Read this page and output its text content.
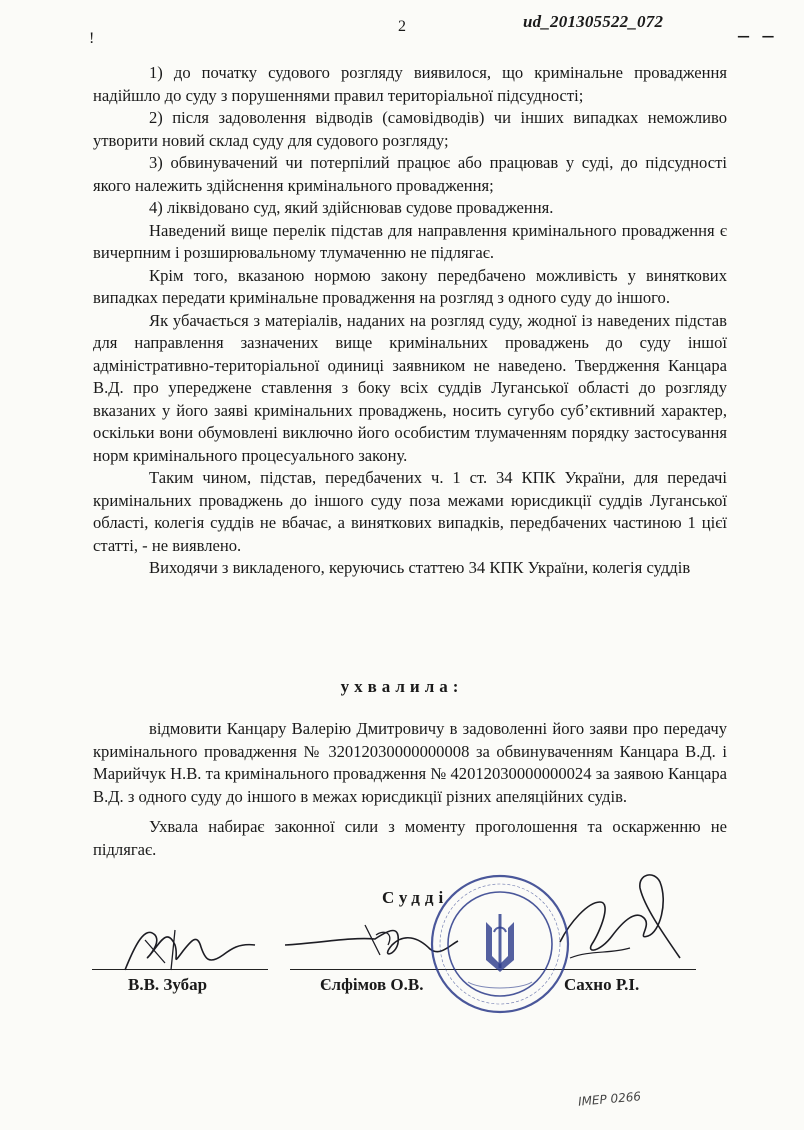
2	ud_201305522_072
– –
!

1) до початку судового розгляду виявилося, що кримінальне провадження надійшло до суду з порушеннями правил територіальної підсудності;

2) після задоволення відводів (самовідводів) чи інших випадках неможливо утворити новий склад суду для судового розгляду;

3) обвинувачений чи потерпілий працює або працював у суді, до підсудності якого належить здійснення кримінального провадження;

4) ліквідовано суд, який здійснював судове провадження.

Наведений вище перелік підстав для направлення кримінального провадження є вичерпним і розширювальному тлумаченню не підлягає.

Крім того, вказаною нормою закону передбачено можливість у виняткових випадках передати кримінальне провадження на розгляд з одного суду до іншого.

Як убачається з матеріалів, наданих на розгляд суду, жодної із наведених підстав для направлення зазначених вище кримінальних проваджень до суду іншої адміністративно-територіальної одиниці заявником не наведено. Твердження Канцара В.Д. про упереджене ставлення з боку всіх суддів Луганської області до розгляду вказаних у його заяві кримінальних проваджень, носить сугубо суб’єктивний характер, оскільки вони обумовлені виключно його особистим тлумаченням порядку застосування норм кримінального процесуального закону.

Таким чином, підстав, передбачених ч. 1 ст. 34 КПК України, для передачі кримінальних проваджень до іншого суду поза межами юрисдикції суддів Луганської області, колегія суддів не вбачає, а виняткових випадків, передбачених частиною 1 цієї статті, - не виявлено.

Виходячи з викладеного, керуючись статтею 34 КПК України, колегія суддів

ухвалила:

відмовити Канцару Валерію Дмитровичу в задоволенні його заяви про передачу кримінального провадження № 32012030000000008 за обвинуваченням Канцара В.Д. і Марийчук Н.В. та кримінального провадження № 42012030000000024 за заявою Канцара В.Д. з одного суду до іншого в межах юрисдикції різних апеляційних судів.

Ухвала набирає законної сили з моменту проголошення та оскарженню не підлягає.

Судді
В.В. Зубар	Єлфімов О.В.	Сахно Р.І.
ІМЕР 0266
